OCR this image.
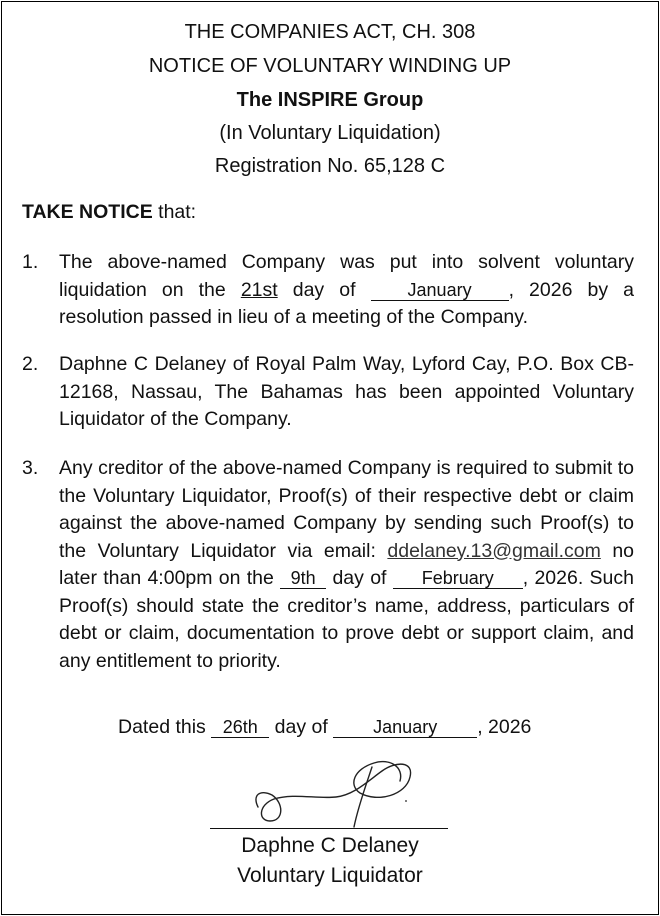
THE COMPANIES ACT, CH. 308
NOTICE OF VOLUNTARY WINDING UP
The INSPIRE Group
(In Voluntary Liquidation)
Registration No. 65,128 C
TAKE NOTICE that:
1. The above-named Company was put into solvent voluntary liquidation on the 21st day of January , 2026 by a resolution passed in lieu of a meeting of the Company.
2. Daphne C Delaney of Royal Palm Way, Lyford Cay, P.O. Box CB-12168, Nassau, The Bahamas has been appointed Voluntary Liquidator of the Company.
3. Any creditor of the above-named Company is required to submit to the Voluntary Liquidator, Proof(s) of their respective debt or claim against the above-named Company by sending such Proof(s) to the Voluntary Liquidator via email: ddelaney.13@gmail.com no later than 4:00pm on the 9th day of February , 2026. Such Proof(s) should state the creditor’s name, address, particulars of debt or claim, documentation to prove debt or support claim, and any entitlement to priority.
Dated this 26th day of January , 2026
Daphne C Delaney
Voluntary Liquidator
